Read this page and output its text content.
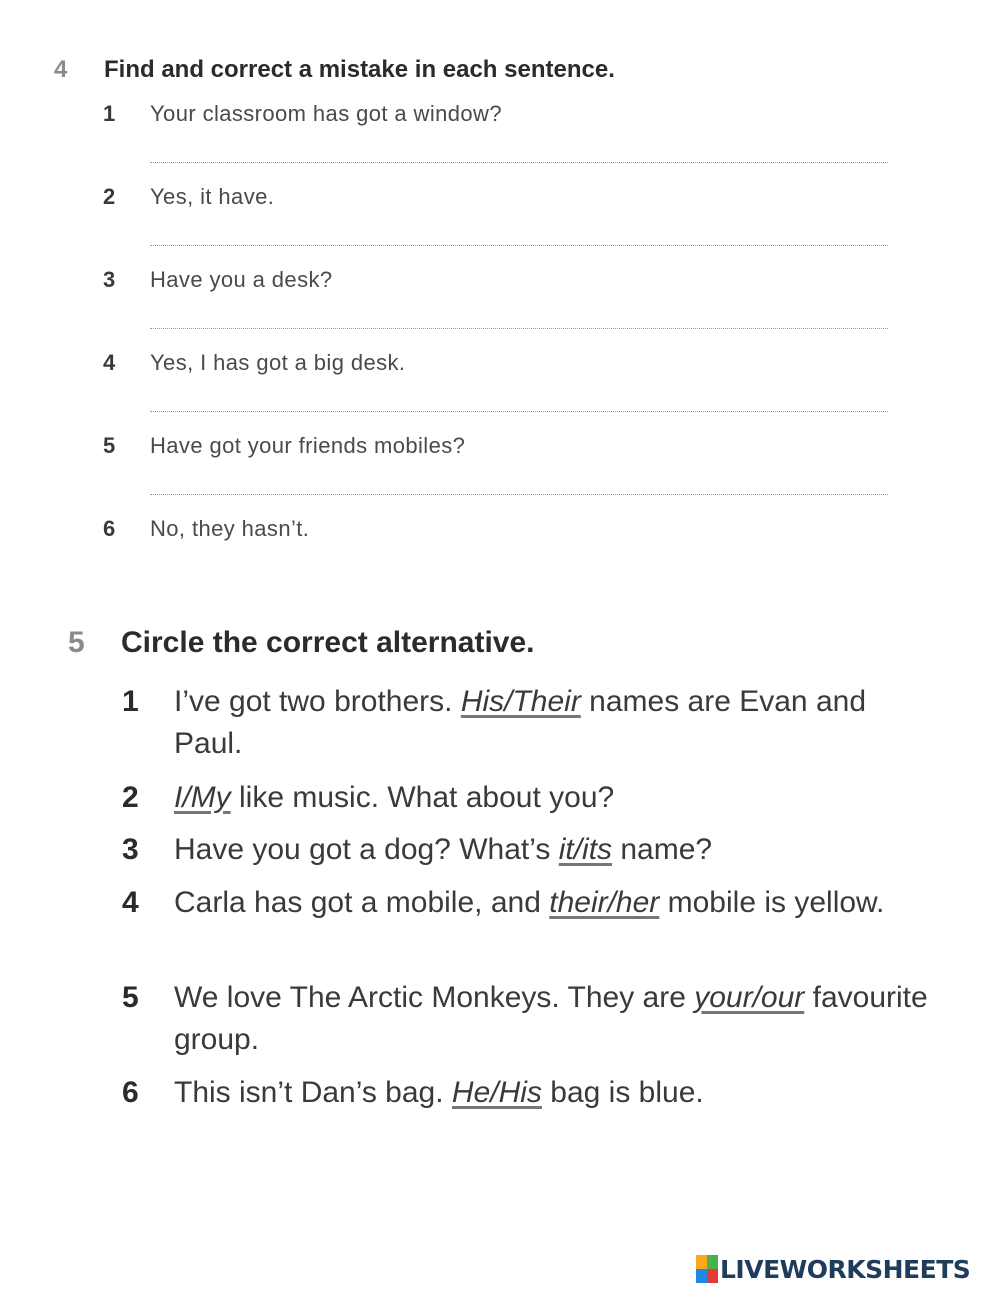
4 Find and correct a mistake in each sentence.
1 Your classroom has got a window?
2 Yes, it have.
3 Have you a desk?
4 Yes, I has got a big desk.
5 Have got your friends mobiles?
6 No, they hasn’t.
5 Circle the correct alternative.
1 I’ve got two brothers. His/Their names are Evan and Paul.
2 I/My like music. What about you?
3 Have you got a dog? What’s it/its name?
4 Carla has got a mobile, and their/her mobile is yellow.
5 We love The Arctic Monkeys. They are your/our favourite group.
6 This isn’t Dan’s bag. He/His bag is blue.
LIVEWORKSHEETS
